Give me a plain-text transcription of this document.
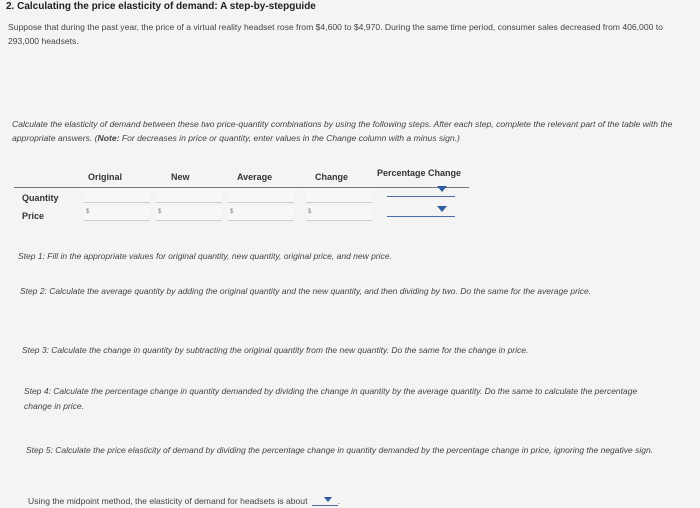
2. Calculating the price elasticity of demand: A step-by-stepguide
Suppose that during the past year, the price of a virtual reality headset rose from $4,600 to $4,970. During the same time period, consumer sales decreased from 406,000 to 293,000 headsets.
Calculate the elasticity of demand between these two price-quantity combinations by using the following steps. After each step, complete the relevant part of the table with the appropriate answers. (Note: For decreases in price or quantity, enter values in the Change column with a minus sign.)
Original	New	Average	Change	Percentage Change
Quantity
Price	$	$	$	$
Step 1: Fill in the appropriate values for original quantity, new quantity, original price, and new price.
Step 2: Calculate the average quantity by adding the original quantity and the new quantity, and then dividing by two. Do the same for the average price.
Step 3: Calculate the change in quantity by subtracting the original quantity from the new quantity. Do the same for the change in price.
Step 4: Calculate the percentage change in quantity demanded by dividing the change in quantity by the average quantity. Do the same to calculate the percentage change in price.
Step 5: Calculate the price elasticity of demand by dividing the percentage change in quantity demanded by the percentage change in price, ignoring the negative sign.
Using the midpoint method, the elasticity of demand for headsets is about	.
